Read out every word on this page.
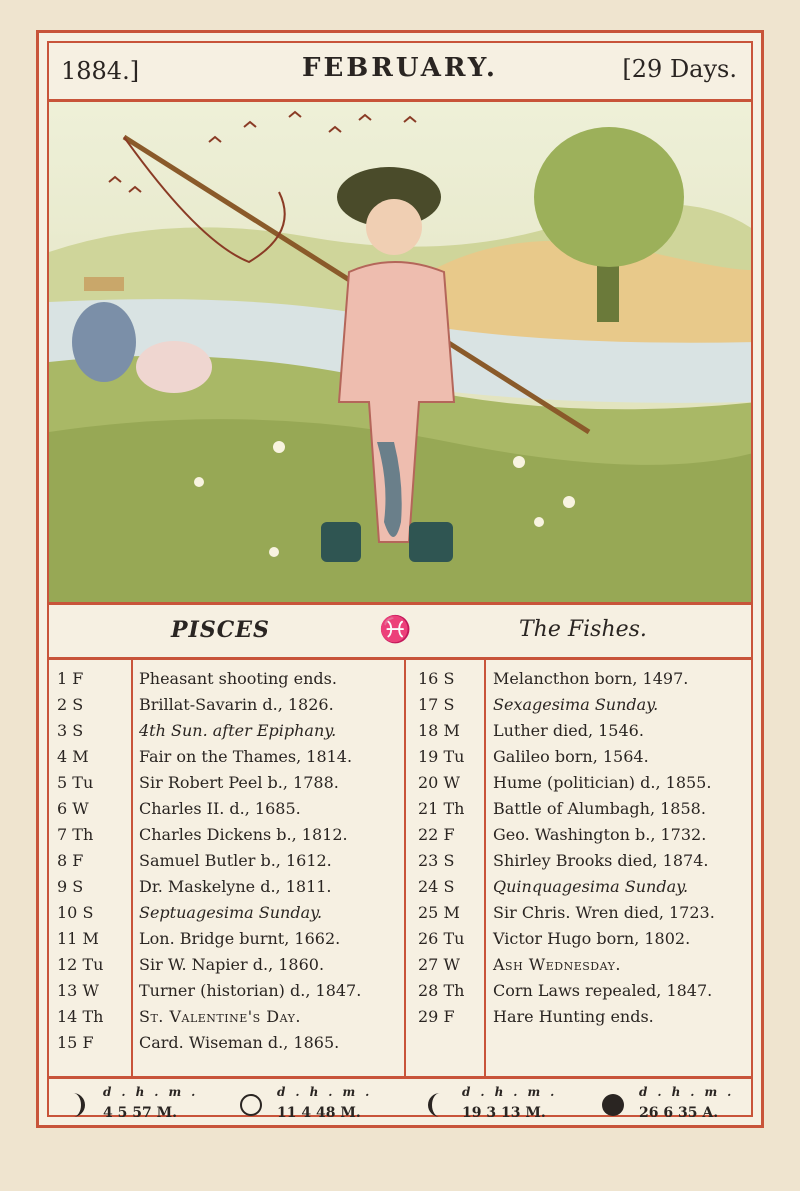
1884.]	FEBRUARY.	[29 Days.
PISCES	♓	The Fishes.
1 F	Pheasant shooting ends.
2 S	Brillat-Savarin d., 1826.
3 S	4th Sun. after Epiphany.
4 M	Fair on the Thames, 1814.
5 Tu	Sir Robert Peel b., 1788.
6 W	Charles II. d., 1685.
7 Th	Charles Dickens b., 1812.
8 F	Samuel Butler b., 1612.
9 S	Dr. Maskelyne d., 1811.
10 S	Septuagesima Sunday.
11 M	Lon. Bridge burnt, 1662.
12 Tu	Sir W. Napier d., 1860.
13 W	Turner (historian) d., 1847.
14 Th	St. Valentine's Day.
15 F	Card. Wiseman d., 1865.
16 S	Melancthon born, 1497.
17 S	Sexagesima Sunday.
18 M	Luther died, 1546.
19 Tu	Galileo born, 1564.
20 W	Hume (politician) d., 1855.
21 Th	Battle of Alumbagh, 1858.
22 F	Geo. Washington b., 1732.
23 S	Shirley Brooks died, 1874.
24 S	Quinquagesima Sunday.
25 M	Sir Chris. Wren died, 1723.
26 Tu	Victor Hugo born, 1802.
27 W	Ash Wednesday.
28 Th	Corn Laws repealed, 1847.
29 F	Hare Hunting ends.
d.h.m.
4 5 57 M.
d.h.m.
11 4 48 M.
d.h.m.
19 3 13 M.
d.h.m.
26 6 35 A.
